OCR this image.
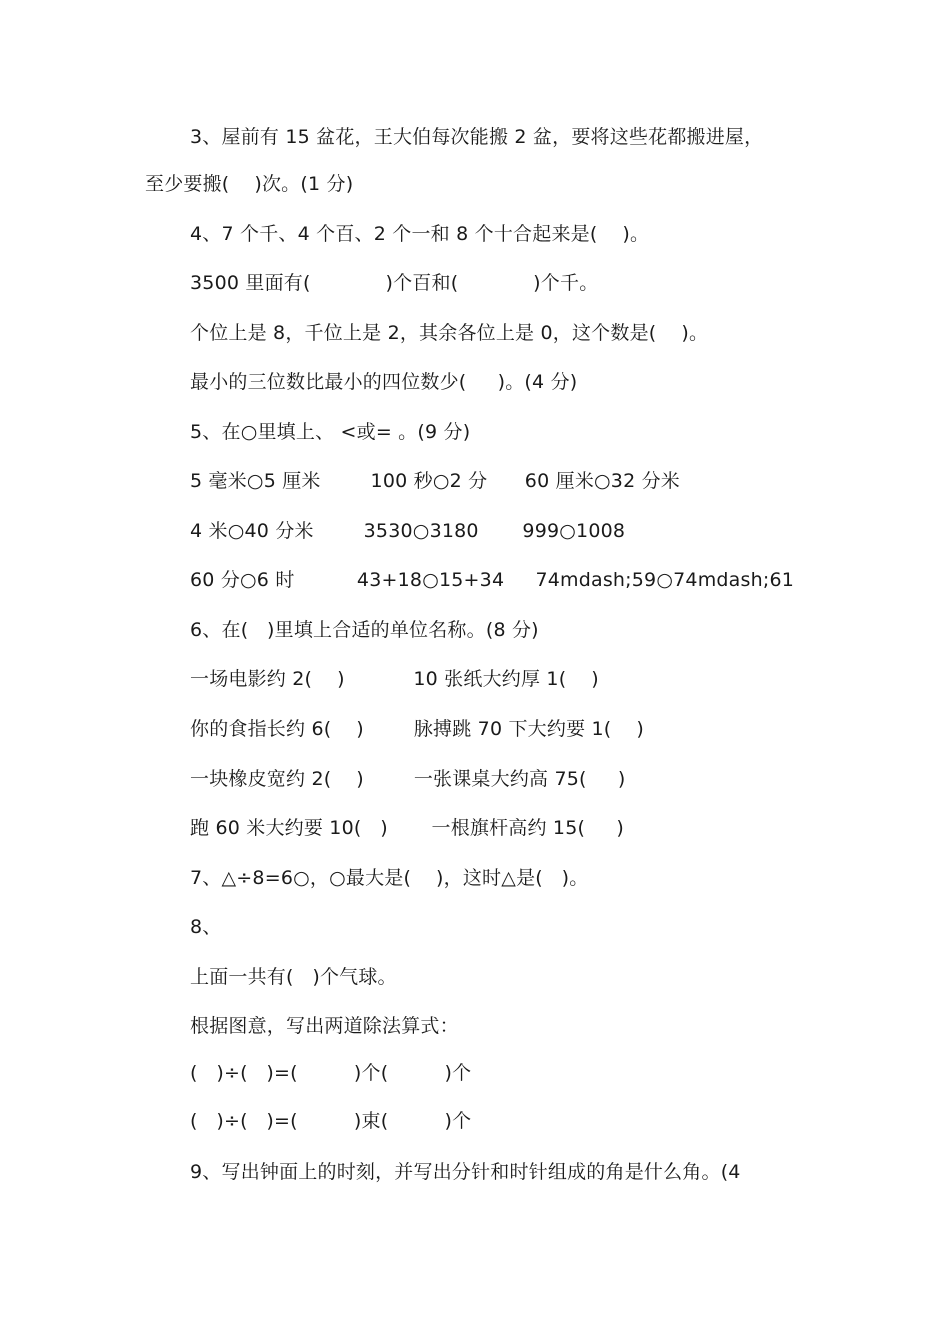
3、屋前有 15 盆花，王大伯每次能搬 2 盆，要将这些花都搬进屋，
至少要搬(    )次。(1 分)
4、7 个千、4 个百、2 个一和 8 个十合起来是(    )。
3500 里面有(            )个百和(            )个千。
个位上是 8，千位上是 2，其余各位上是 0，这个数是(    )。
最小的三位数比最小的四位数少(     )。(4 分)
5、在○里填上、 <或= 。(9 分)
5 毫米○5 厘米        100 秒○2 分      60 厘米○32 分米
4 米○40 分米        3530○3180       999○1008
60 分○6 时          43+18○15+34     74mdash;59○74mdash;61
6、在(   )里填上合适的单位名称。(8 分)
一场电影约 2(    )           10 张纸大约厚 1(    )
你的食指长约 6(    )        脉搏跳 70 下大约要 1(    )
一块橡皮宽约 2(    )        一张课桌大约高 75(     )
跑 60 米大约要 10(   )       一根旗杆高约 15(     )
7、△÷8=6○，○最大是(    )，这时△是(   )。
8、
上面一共有(   )个气球。
根据图意，写出两道除法算式：
(   )÷(   )=(         )个(         )个
(   )÷(   )=(         )束(         )个
9、写出钟面上的时刻，并写出分针和时针组成的角是什么角。(4
